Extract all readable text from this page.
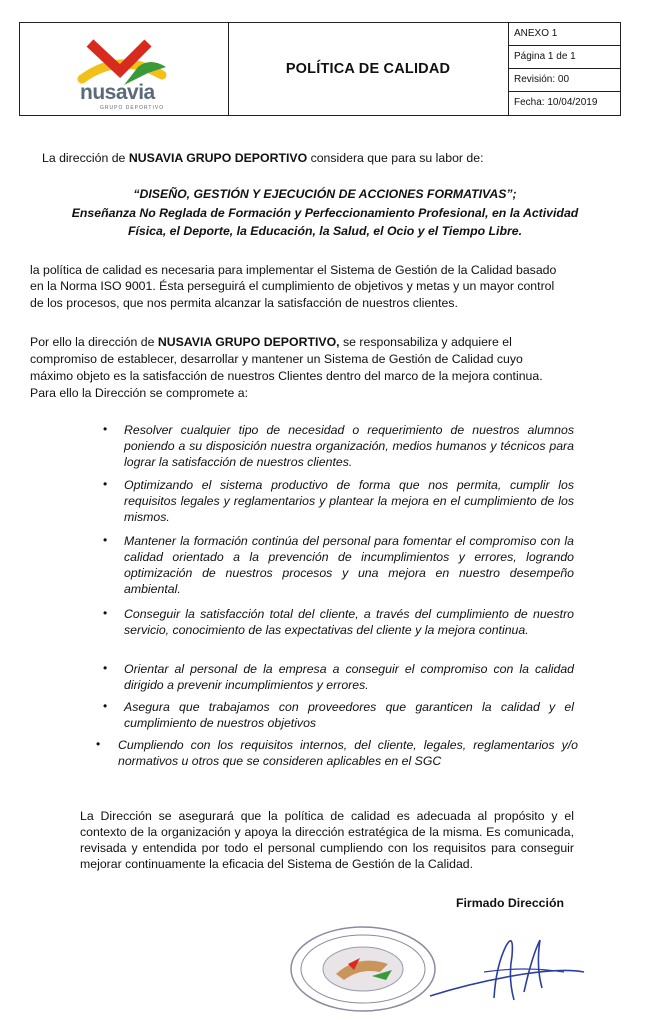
nusavia
GRUPO DEPORTIVO
POLÍTICA DE CALIDAD
ANEXO 1
Página 1 de 1
Revisión: 00
Fecha: 10/04/2019
La dirección de NUSAVIA GRUPO DEPORTIVO considera que para su labor de:
“DISEÑO, GESTIÓN Y EJECUCIÓN DE ACCIONES FORMATIVAS”;
Enseñanza No Reglada de Formación y Perfeccionamiento Profesional, en la Actividad
Física, el Deporte, la Educación, la Salud, el Ocio y el Tiempo Libre.
la política de calidad es necesaria para implementar el Sistema de Gestión de la Calidad basado
en la Norma ISO 9001. Ésta perseguirá el cumplimiento de objetivos y metas y un mayor control
de los procesos, que nos permita alcanzar la satisfacción de nuestros clientes.
Por ello la dirección de NUSAVIA GRUPO DEPORTIVO, se responsabiliza y adquiere el
compromiso de establecer, desarrollar y mantener un Sistema de Gestión de Calidad cuyo
máximo objeto es la satisfacción de nuestros Clientes dentro del marco de la mejora continua.
Para ello la Dirección se compromete a:
• Resolver cualquier tipo de necesidad o requerimiento de nuestros alumnos poniendo a su disposición nuestra organización, medios humanos y técnicos para lograr la satisfacción de nuestros clientes.
• Optimizando el sistema productivo de forma que nos permita, cumplir los requisitos legales y reglamentarios y plantear la mejora en el cumplimiento de los mismos.
• Mantener la formación continúa del personal para fomentar el compromiso con la calidad orientado a la prevención de incumplimientos y errores, logrando optimización de nuestros procesos y una mejora en nuestro desempeño ambiental.
• Conseguir la satisfacción total del cliente, a través del cumplimiento de nuestro servicio, conocimiento de las expectativas del cliente y la mejora continua.
• Orientar al personal de la empresa a conseguir el compromiso con la calidad dirigido a prevenir incumplimientos y errores.
• Asegura que trabajamos con proveedores que garanticen la calidad y el cumplimiento de nuestros objetivos
• Cumpliendo con los requisitos internos, del cliente, legales, reglamentarios y/o normativos u otros que se consideren aplicables en el SGC
La Dirección se asegurará que la política de calidad es adecuada al propósito y el contexto de la organización y apoya la dirección estratégica de la misma. Es comunicada, revisada y entendida por todo el personal cumpliendo con los requisitos para conseguir mejorar continuamente la eficacia del Sistema de Gestión de la Calidad.
Firmado Dirección
